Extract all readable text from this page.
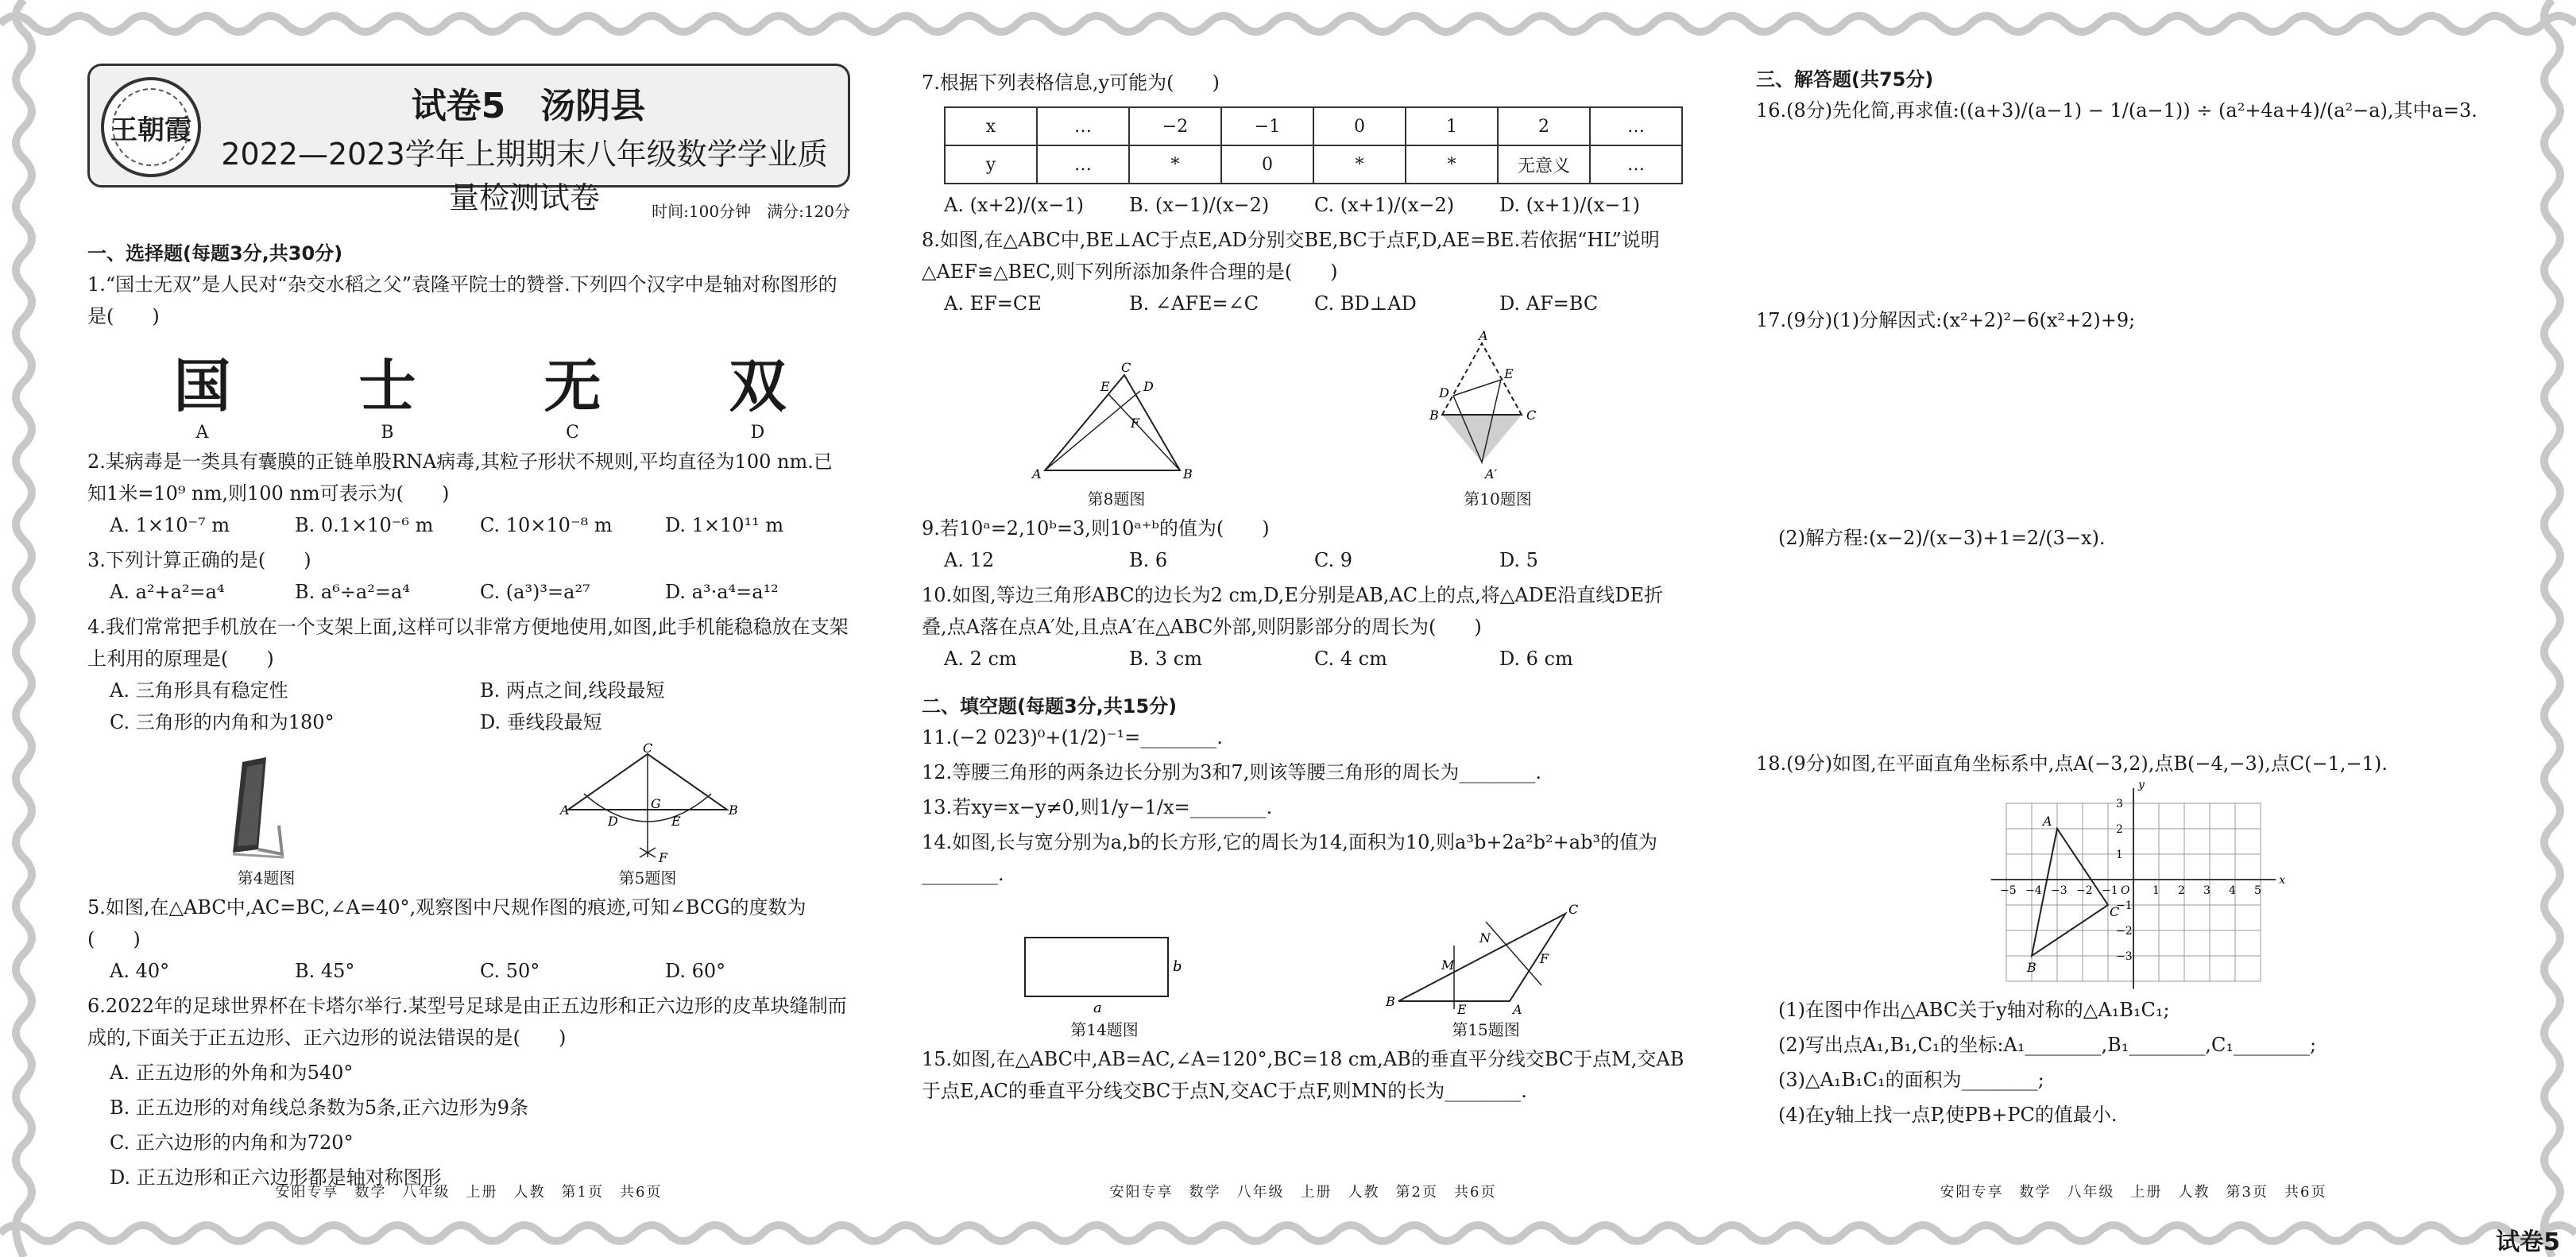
王朝霞
试卷5　汤阴县
2022—2023学年上期期末八年级数学学业质量检测试卷	时间:100分钟　满分:120分
一、选择题(每题3分,共30分)
1.“国士无双”是人民对“杂交水稻之父”袁隆平院士的赞誉.下列四个汉字中是轴对称图形的是(　　)
国	士	无	双
A	B	C	D
2.某病毒是一类具有囊膜的正链单股RNA病毒,其粒子形状不规则,平均直径为100 nm.已知1米=10⁹ nm,则100 nm可表示为(　　)
A. 1×10⁻⁷ m	B. 0.1×10⁻⁶ m	C. 10×10⁻⁸ m	D. 1×10¹¹ m
3.下列计算正确的是(　　)
A. a²+a²=a⁴	B. a⁶÷a²=a⁴	C. (a³)³=a²⁷	D. a³·a⁴=a¹²
4.我们常常把手机放在一个支架上面,这样可以非常方便地使用,如图,此手机能稳稳放在支架上利用的原理是(　　)
A. 三角形具有稳定性	B. 两点之间,线段最短
C. 三角形的内角和为180°	D. 垂线段最短
第4题图
A	B
C
D	E
G
F
第5题图
5.如图,在△ABC中,AC=BC,∠A=40°,观察图中尺规作图的痕迹,可知∠BCG的度数为(　　)
A. 40°	B. 45°	C. 50°	D. 60°
6.2022年的足球世界杯在卡塔尔举行.某型号足球是由正五边形和正六边形的皮革块缝制而成的,下面关于正五边形、正六边形的说法错误的是(　　)
A. 正五边形的外角和为540°
B. 正五边形的对角线总条数为5条,正六边形为9条
C. 正六边形的内角和为720°
D. 正五边形和正六边形都是轴对称图形
安阳专享　数学　八年级　上册　人教　第1页　共6页
7.根据下列表格信息,y可能为(　　)
x	…	−2	−1	0	1	2	…
y	…	*	0	*	*	无意义	…
A. (x+2)/(x−1)	B. (x−1)/(x−2)	C. (x+1)/(x−2)	D. (x+1)/(x−1)
8.如图,在△ABC中,BE⊥AC于点E,AD分别交BE,BC于点F,D,AE=BE.若依据“HL”说明△AEF≌△BEC,则下列所添加条件合理的是(　　)
A. EF=CE	B. ∠AFE=∠C	C. BD⊥AD	D. AF=BC
A	B
C
D
E
F
第8题图
A
B	C
D
E
A′
第10题图
9.若10ᵃ=2,10ᵇ=3,则10ᵃ⁺ᵇ的值为(　　)
A. 12	B. 6	C. 9	D. 5
10.如图,等边三角形ABC的边长为2 cm,D,E分别是AB,AC上的点,将△ADE沿直线DE折叠,点A落在点A′处,且点A′在△ABC外部,则阴影部分的周长为(　　)
A. 2 cm	B. 3 cm	C. 4 cm	D. 6 cm
二、填空题(每题3分,共15分)
11.(−2 023)⁰+(1/2)⁻¹=________.
12.等腰三角形的两条边长分别为3和7,则该等腰三角形的周长为________.
13.若xy=x−y≠0,则1/y−1/x=________.
14.如图,长与宽分别为a,b的长方形,它的周长为14,面积为10,则a³b+2a²b²+ab³的值为________.
b
a
第14题图
B
A
C
M
N
E
F
第15题图
15.如图,在△ABC中,AB=AC,∠A=120°,BC=18 cm,AB的垂直平分线交BC于点M,交AB于点E,AC的垂直平分线交BC于点N,交AC于点F,则MN的长为________.
安阳专享　数学　八年级　上册　人教　第2页　共6页
三、解答题(共75分)
16.(8分)先化简,再求值:((a+3)/(a−1) − 1/(a−1)) ÷ (a²+4a+4)/(a²−a),其中a=3.
17.(9分)(1)分解因式:(x²+2)²−6(x²+2)+9;
(2)解方程:(x−2)/(x−3)+1=2/(3−x).
18.(9分)如图,在平面直角坐标系中,点A(−3,2),点B(−4,−3),点C(−1,−1).
A
B
C
−5 −4 −3 −2 −1	1 2 3 4 5
−3
−2
−1
1
2
3
O
x
y
(1)在图中作出△ABC关于y轴对称的△A₁B₁C₁;
(2)写出点A₁,B₁,C₁的坐标:A₁________,B₁________,C₁________;
(3)△A₁B₁C₁的面积为________;
(4)在y轴上找一点P,使PB+PC的值最小.
安阳专享　数学　八年级　上册　人教　第3页　共6页
试卷5
